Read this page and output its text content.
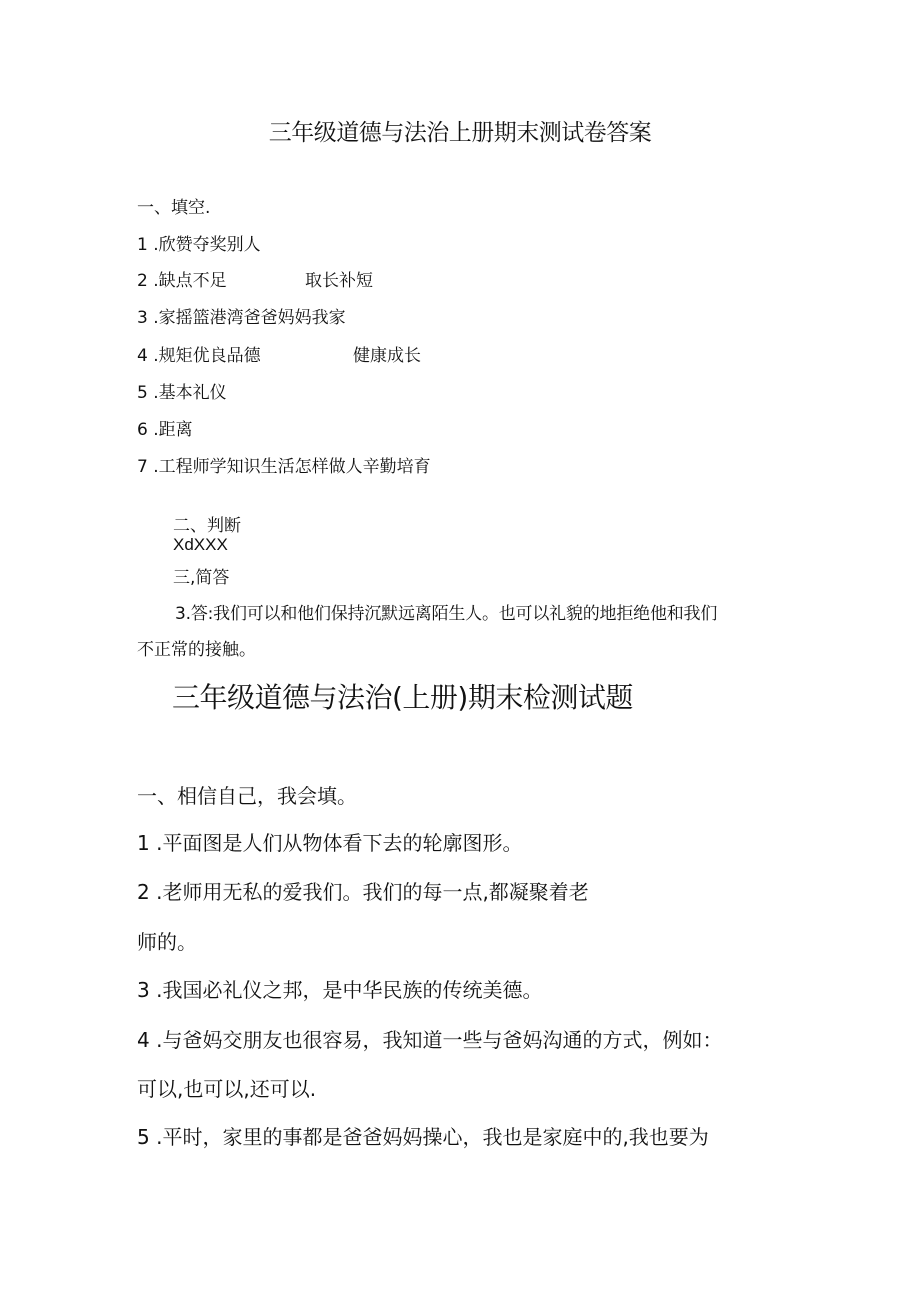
三年级道德与法治上册期末测试卷答案
一、填空.
1 .欣赞夺奖别人
2 .缺点不足	取长补短
3 .家摇篮港湾爸爸妈妈我家
4 .规矩优良品德	健康成长
5 .基本礼仪
6 .距离
7 .工程师学知识生活怎样做人辛勤培育
二、判断
XdXXX
三,简答
3.答:我们可以和他们保持沉默远离陌生人。也可以礼貌的地拒绝他和我们
不正常的接触。
三年级道德与法治(上册)期末检测试题
一、相信自己，我会填。
1 .平面图是人们从物体看下去的轮廓图形。
2 .老师用无私的爱我们。我们的每一点,都凝聚着老
师的。
3 .我国必礼仪之邦，是中华民族的传统美德。
4 .与爸妈交朋友也很容易，我知道一些与爸妈沟通的方式，例如：
可以,也可以,还可以.
5 .平时，家里的事都是爸爸妈妈操心，我也是家庭中的,我也要为
